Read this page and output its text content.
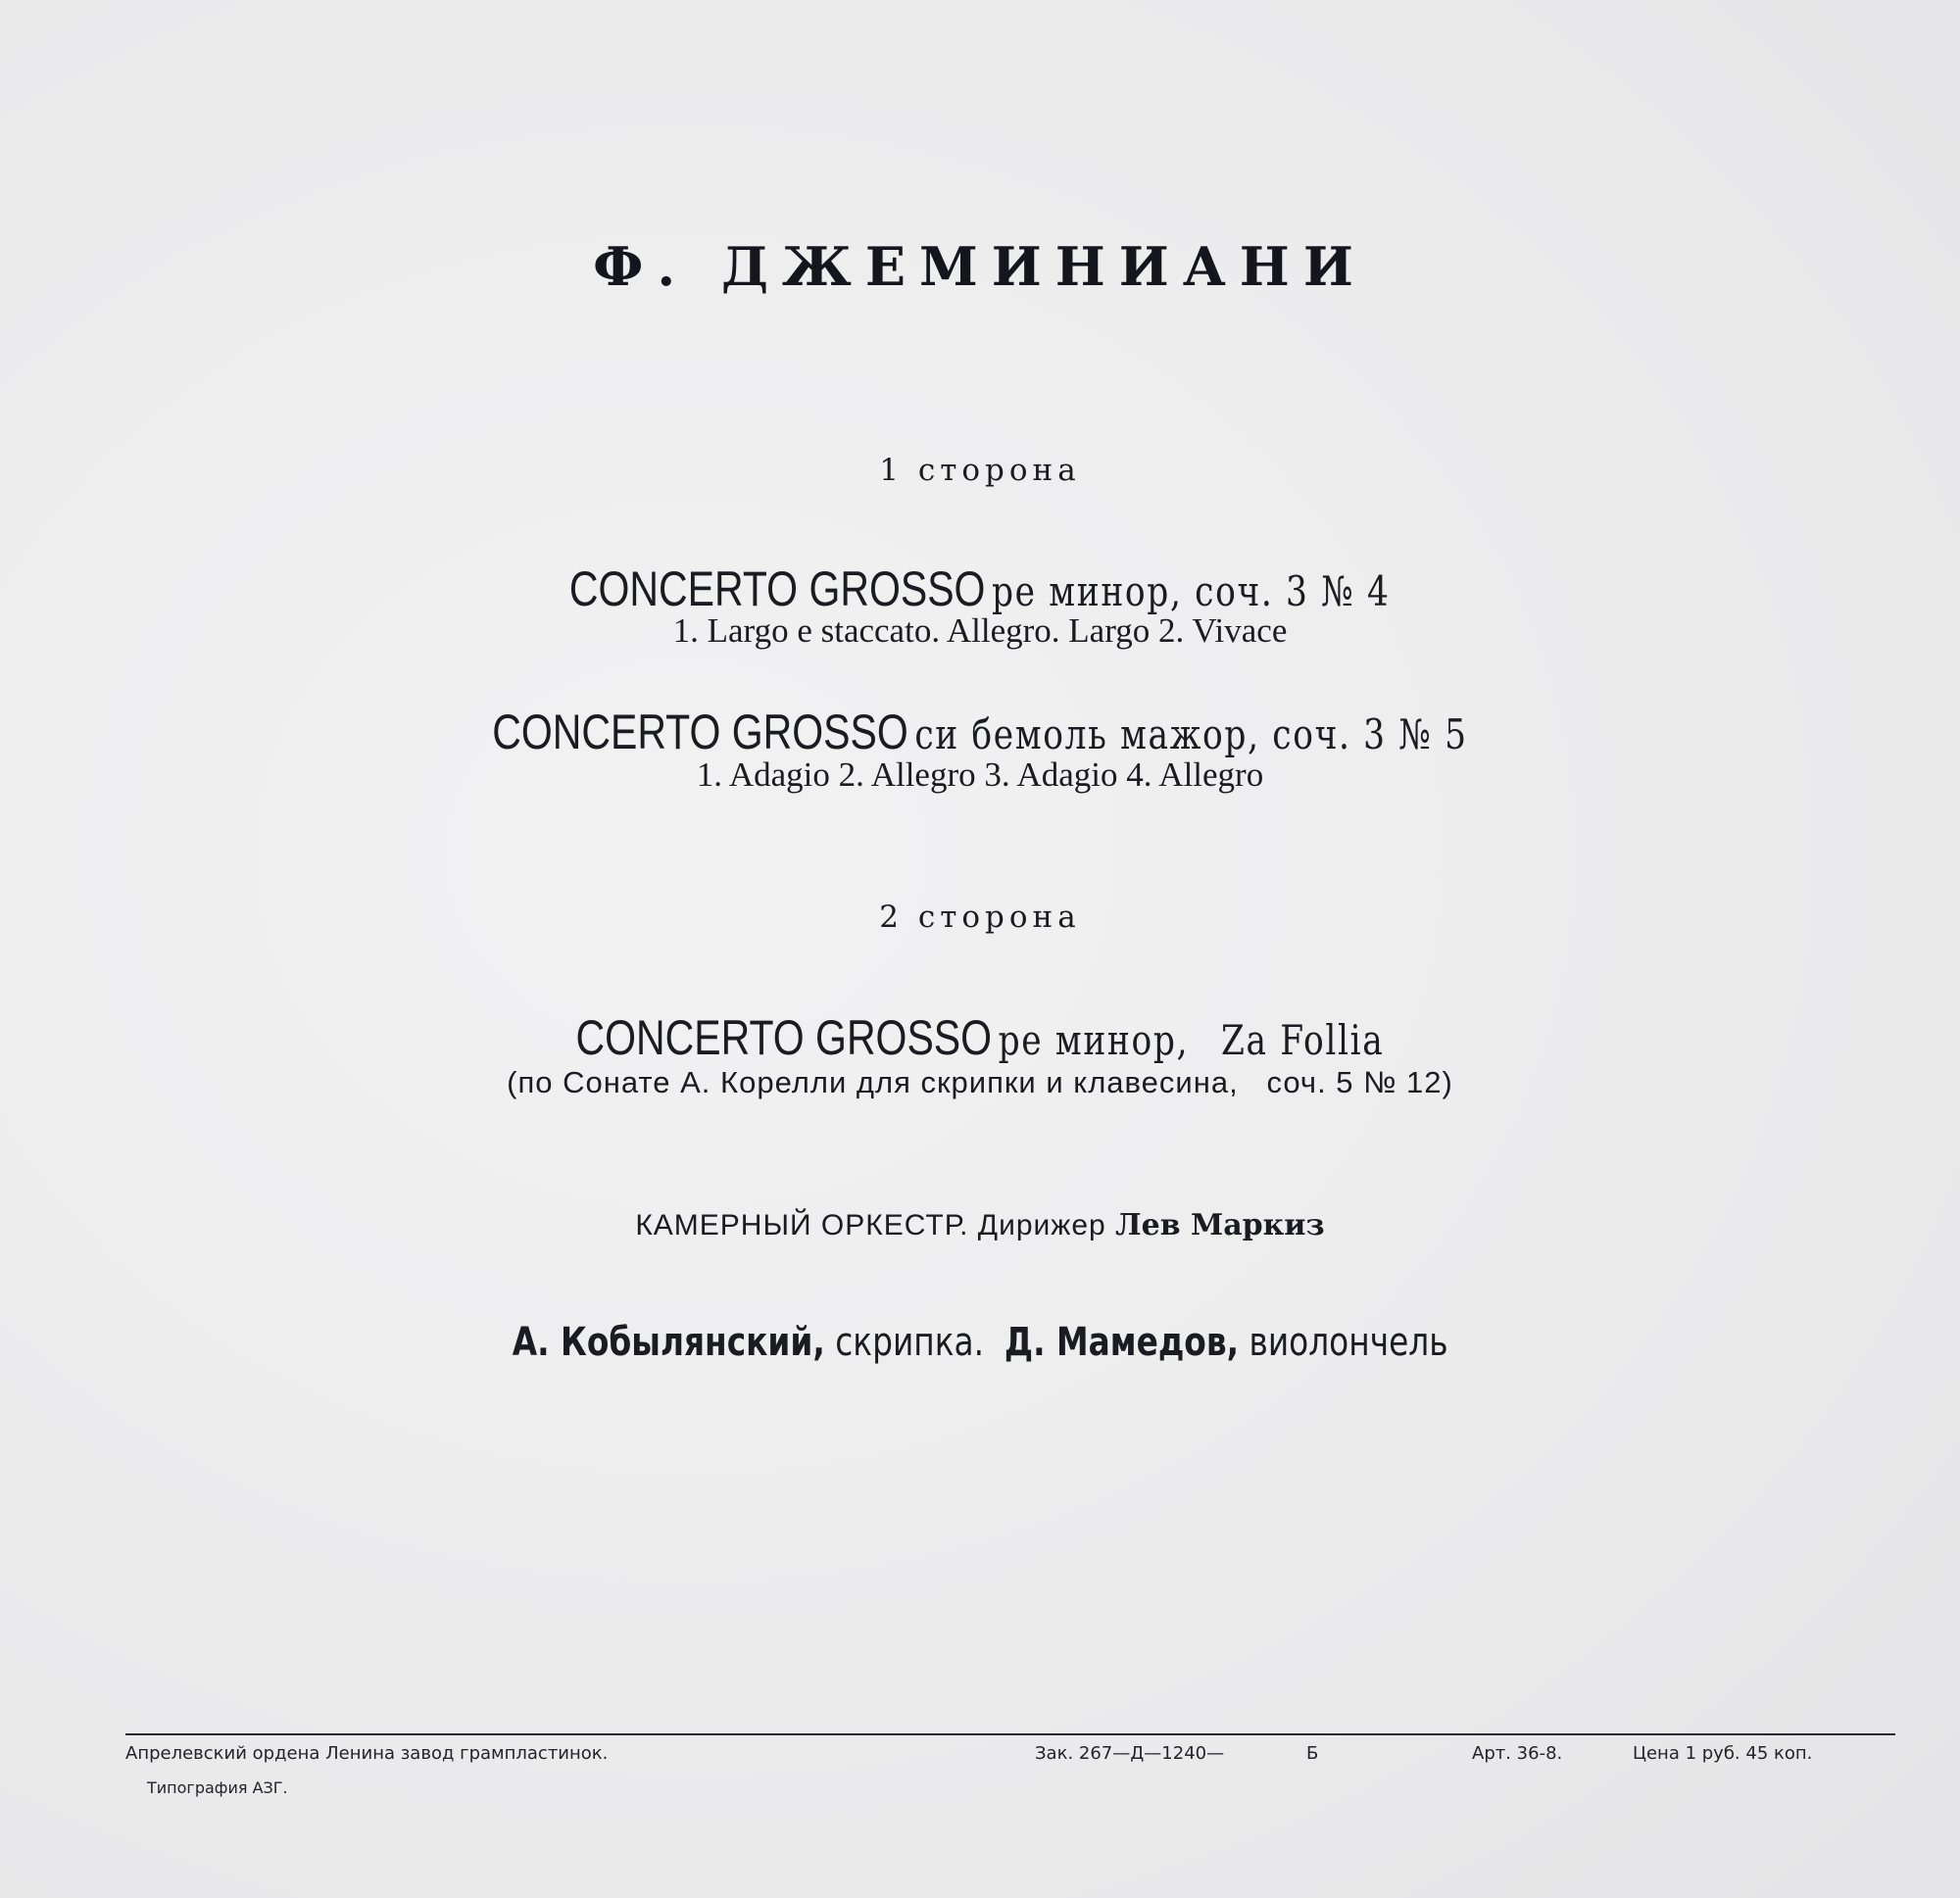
Ф. ДЖЕМИНИАНИ
1 сторона
CONCERTO GROSSO ре минор, соч. 3 № 4
1. Largo e staccato. Allegro. Largo 2. Vivace
CONCERTO GROSSO си бемоль мажор, соч. 3 № 5
1. Adagio 2. Allegro 3. Adagio 4. Allegro
2 сторона
CONCERTO GROSSO ре минор, Za Follia
(по Сонате А. Корелли для скрипки и клавесина,   соч. 5 № 12)
КАМЕРНЫЙ ОРКЕСТР. Дирижер Лев Маркиз
А. Кобылянский, скрипка. Д. Мамедов, виолончель
Апрелевский ордена Ленина завод грампластинок.	Зак. 267—Д—1240—	Б	Арт. 36-8.	Цена 1 руб. 45 коп.
Типография АЗГ.
